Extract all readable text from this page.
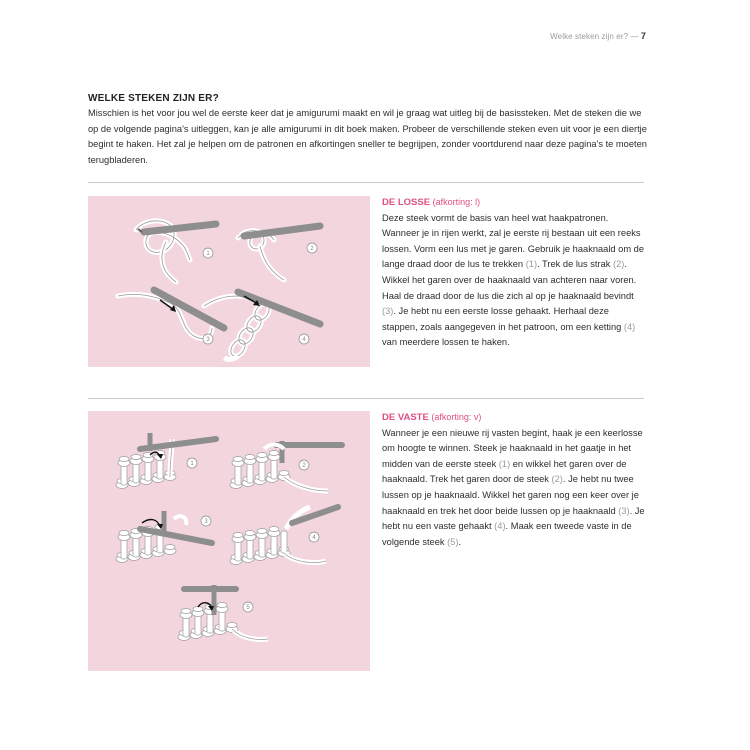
Welke steken zijn er? — 7
WELKE STEKEN ZIJN ER?
Misschien is het voor jou wel de eerste keer dat je amigurumi maakt en wil je graag wat uitleg bij de basissteken. Met de steken die we op de volgende pagina's uitleggen, kan je alle amigurumi in dit boek maken. Probeer de verschillende steken even uit voor je een diertje begint te haken. Het zal je helpen om de patronen en afkortingen sneller te begrijpen, zonder voortdurend naar deze pagina's te moeten terugbladeren.
1
2
3	4
DE LOSSE (afkorting: l)
Deze steek vormt de basis van heel wat haakpatronen. Wanneer je in rijen werkt, zal je eerste rij bestaan uit een reeks lossen. Vorm een lus met je garen. Gebruik je haaknaald om de lange draad door de lus te trekken (1). Trek de lus strak (2). Wikkel het garen over de haaknaald van achteren naar voren. Haal de draad door de lus die zich al op je haaknaald bevindt (3). Je hebt nu een eerste losse gehaakt. Herhaal deze stappen, zoals aangegeven in het patroon, om een ketting (4) van meerdere lossen te haken.
1	2
3
4
5
DE VASTE (afkorting: v)
Wanneer je een nieuwe rij vasten begint, haak je een keerlosse om hoogte te winnen. Steek je haaknaald in het gaatje in het midden van de eerste steek (1) en wikkel het garen over de haaknaald. Trek het garen door de steek (2). Je hebt nu twee lussen op je haaknaald. Wikkel het garen nog een keer over je haaknaald en trek het door beide lussen op je haaknaald (3). Je hebt nu een vaste gehaakt (4). Maak een tweede vaste in de volgende steek (5).
